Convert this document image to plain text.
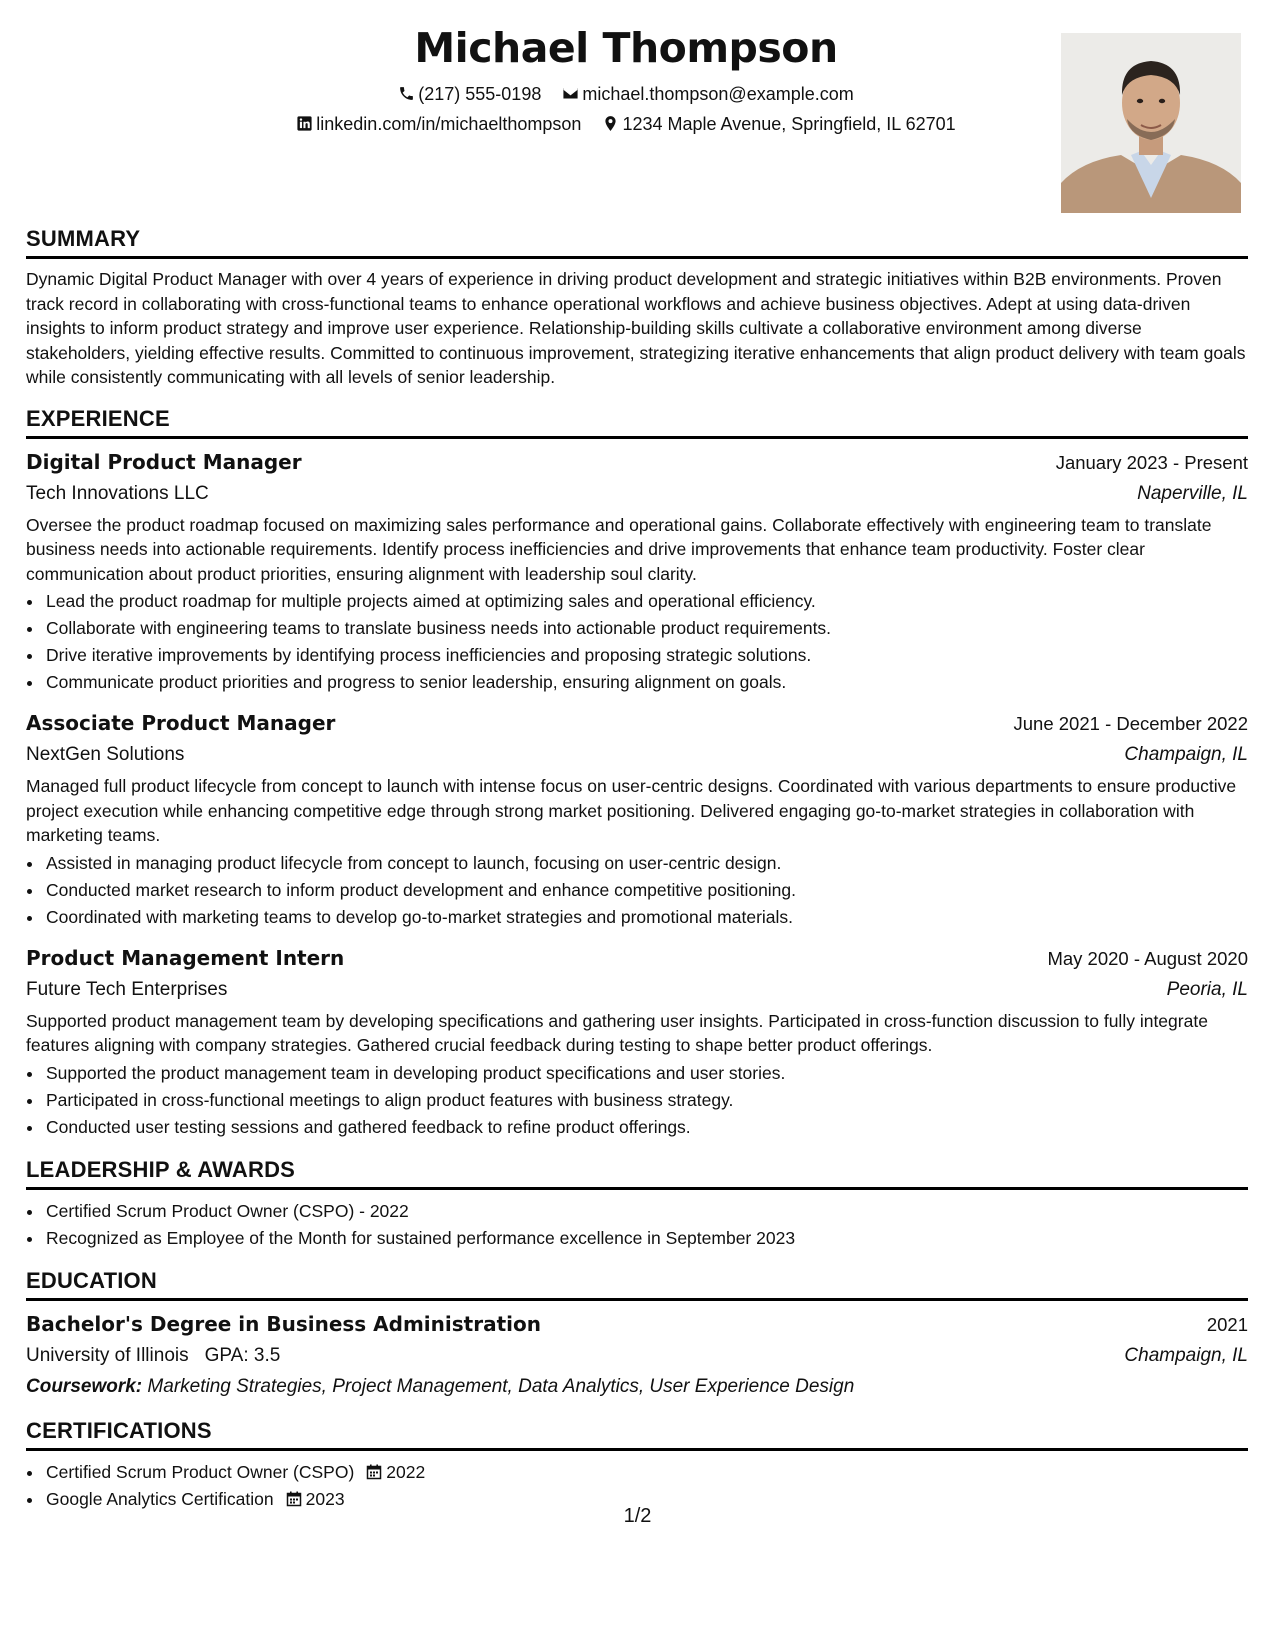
Michael Thompson
(217) 555-0198 michael.thompson@example.com
linkedin.com/in/michaelthompson 1234 Maple Avenue, Springfield, IL 62701
SUMMARY

Dynamic Digital Product Manager with over 4 years of experience in driving product development and strategic initiatives within B2B environments. Proven track record in collaborating with cross-functional teams to enhance operational workflows and achieve business objectives. Adept at using data-driven insights to inform product strategy and improve user experience. Relationship-building skills cultivate a collaborative environment among diverse stakeholders, yielding effective results. Committed to continuous improvement, strategizing iterative enhancements that align product delivery with team goals while consistently communicating with all levels of senior leadership.

EXPERIENCE
Digital Product Manager	January 2023 - Present
Tech Innovations LLC	Naperville, IL
Oversee the product roadmap focused on maximizing sales performance and operational gains. Collaborate effectively with engineering team to translate business needs into actionable requirements. Identify process inefficiencies and drive improvements that enhance team productivity. Foster clear communication about product priorities, ensuring alignment with leadership soul clarity.
• Lead the product roadmap for multiple projects aimed at optimizing sales and operational efficiency.
• Collaborate with engineering teams to translate business needs into actionable product requirements.
• Drive iterative improvements by identifying process inefficiencies and proposing strategic solutions.
• Communicate product priorities and progress to senior leadership, ensuring alignment on goals.
Associate Product Manager	June 2021 - December 2022
NextGen Solutions	Champaign, IL
Managed full product lifecycle from concept to launch with intense focus on user-centric designs. Coordinated with various departments to ensure productive project execution while enhancing competitive edge through strong market positioning. Delivered engaging go-to-market strategies in collaboration with marketing teams.
• Assisted in managing product lifecycle from concept to launch, focusing on user-centric design.
• Conducted market research to inform product development and enhance competitive positioning.
• Coordinated with marketing teams to develop go-to-market strategies and promotional materials.
Product Management Intern	May 2020 - August 2020
Future Tech Enterprises	Peoria, IL
Supported product management team by developing specifications and gathering user insights. Participated in cross-function discussion to fully integrate features aligning with company strategies. Gathered crucial feedback during testing to shape better product offerings.
• Supported the product management team in developing product specifications and user stories.
• Participated in cross-functional meetings to align product features with business strategy.
• Conducted user testing sessions and gathered feedback to refine product offerings.
LEADERSHIP & AWARDS
• Certified Scrum Product Owner (CSPO) - 2022
• Recognized as Employee of the Month for sustained performance excellence in September 2023
EDUCATION
Bachelor's Degree in Business Administration	2021
University of Illinois GPA: 3.5	Champaign, IL
Coursework: Marketing Strategies, Project Management, Data Analytics, User Experience Design
CERTIFICATIONS
• Certified Scrum Product Owner (CSPO) 2022
• Google Analytics Certification 2023
1/2
